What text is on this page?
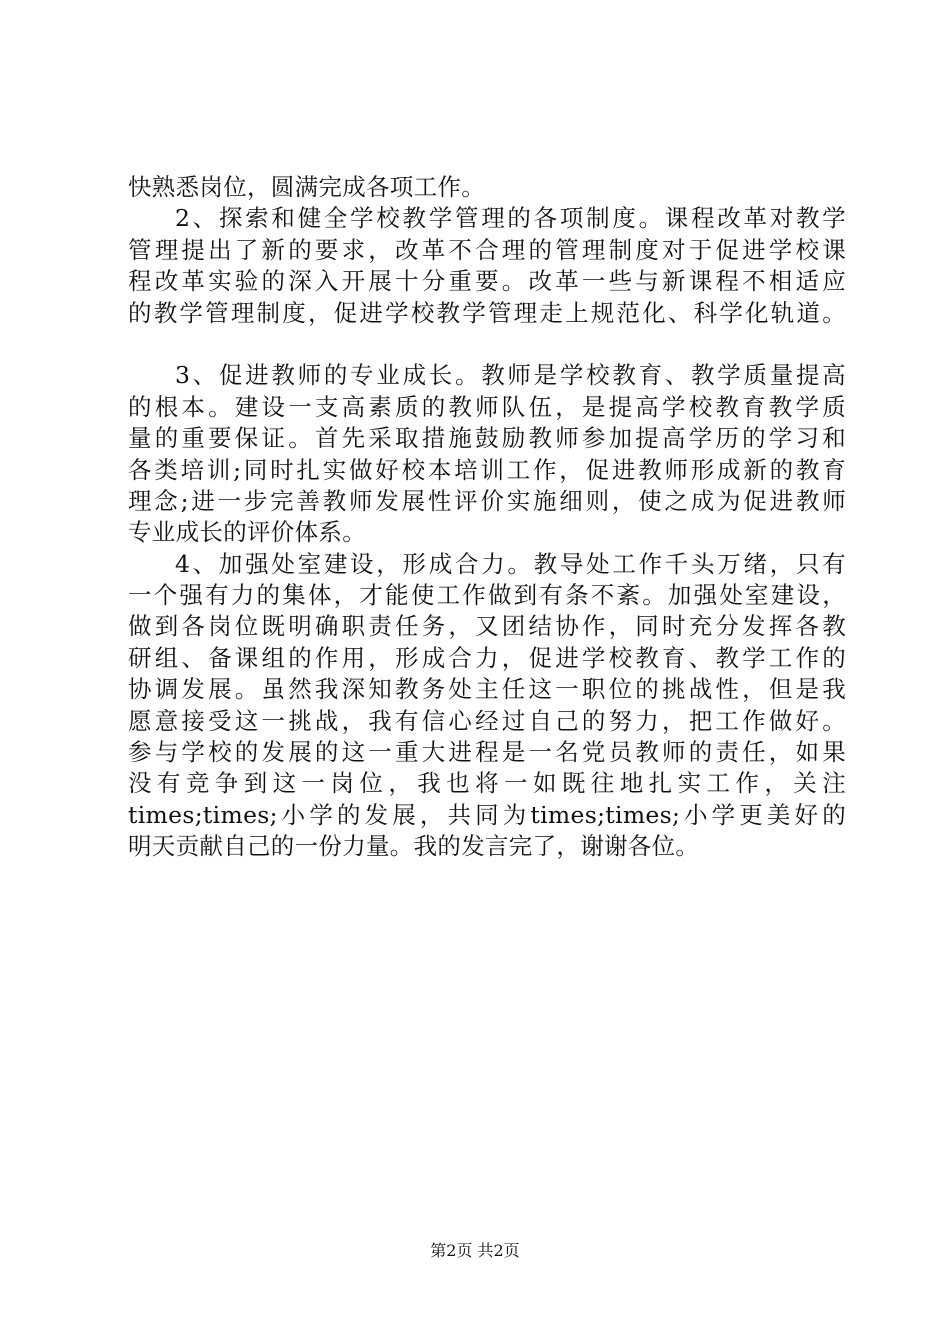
快熟悉岗位，圆满完成各项工作。
2、探索和健全学校教学管理的各项制度。课程改革对教学
管理提出了新的要求，改革不合理的管理制度对于促进学校课
程改革实验的深入开展十分重要。改革一些与新课程不相适应
的教学管理制度，促进学校教学管理走上规范化、科学化轨道。
3、促进教师的专业成长。教师是学校教育、教学质量提高
的根本。建设一支高素质的教师队伍，是提高学校教育教学质
量的重要保证。首先采取措施鼓励教师参加提高学历的学习和
各类培训;同时扎实做好校本培训工作，促进教师形成新的教育
理念;进一步完善教师发展性评价实施细则，使之成为促进教师
专业成长的评价体系。
4、加强处室建设，形成合力。教导处工作千头万绪，只有
一个强有力的集体，才能使工作做到有条不紊。加强处室建设，
做到各岗位既明确职责任务，又团结协作，同时充分发挥各教
研组、备课组的作用，形成合力，促进学校教育、教学工作的
协调发展。虽然我深知教务处主任这一职位的挑战性，但是我
愿意接受这一挑战，我有信心经过自己的努力，把工作做好。
参与学校的发展的这一重大进程是一名党员教师的责任，如果
没有竞争到这一岗位，我也将一如既往地扎实工作，关注
times;times;小学的发展，共同为times;times;小学更美好的
明天贡献自己的一份力量。我的发言完了，谢谢各位。
第2页 共2页
